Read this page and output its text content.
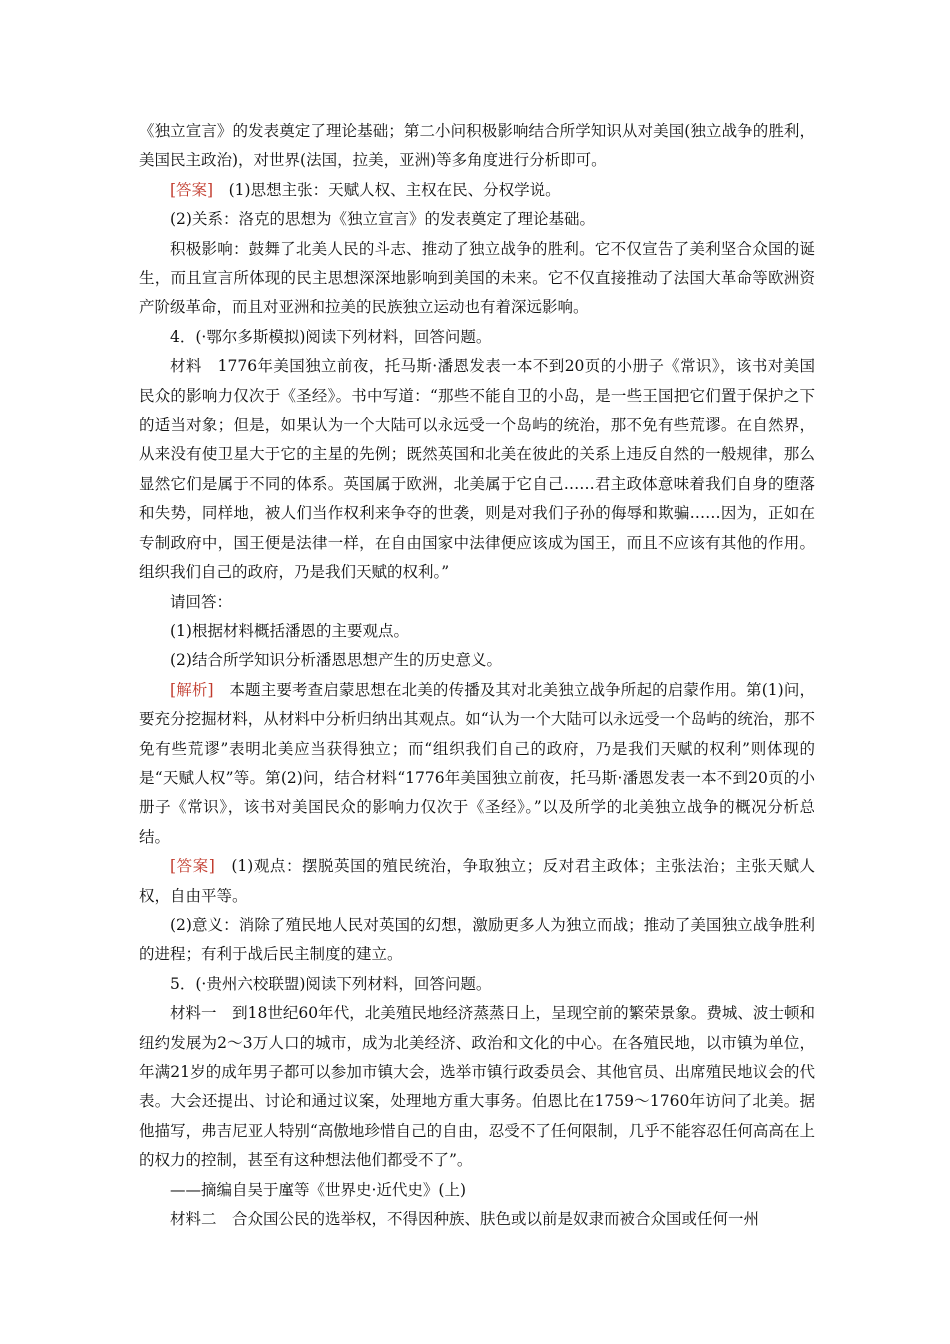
《独立宣言》的发表奠定了理论基础；第二小问积极影响结合所学知识从对美国(独立战争的胜利，美国民主政治)，对世界(法国，拉美，亚洲)等多角度进行分析即可。

[答案]　(1)思想主张：天赋人权、主权在民、分权学说。

(2)关系：洛克的思想为《独立宣言》的发表奠定了理论基础。

积极影响：鼓舞了北美人民的斗志、推动了独立战争的胜利。它不仅宣告了美利坚合众国的诞生，而且宣言所体现的民主思想深深地影响到美国的未来。它不仅直接推动了法国大革命等欧洲资产阶级革命，而且对亚洲和拉美的民族独立运动也有着深远影响。

4．(·鄂尔多斯模拟)阅读下列材料，回答问题。

材料　1776年美国独立前夜，托马斯·潘恩发表一本不到20页的小册子《常识》，该书对美国民众的影响力仅次于《圣经》。书中写道：“那些不能自卫的小岛，是一些王国把它们置于保护之下的适当对象；但是，如果认为一个大陆可以永远受一个岛屿的统治，那不免有些荒谬。在自然界，从来没有使卫星大于它的主星的先例；既然英国和北美在彼此的关系上违反自然的一般规律，那么显然它们是属于不同的体系。英国属于欧洲，北美属于它自己……君主政体意味着我们自身的堕落和失势，同样地，被人们当作权利来争夺的世袭，则是对我们子孙的侮辱和欺骗……因为，正如在专制政府中，国王便是法律一样，在自由国家中法律便应该成为国王，而且不应该有其他的作用。组织我们自己的政府，乃是我们天赋的权利。”

请回答：

(1)根据材料概括潘恩的主要观点。

(2)结合所学知识分析潘恩思想产生的历史意义。

[解析]　本题主要考查启蒙思想在北美的传播及其对北美独立战争所起的启蒙作用。第(1)问，要充分挖掘材料，从材料中分析归纳出其观点。如“认为一个大陆可以永远受一个岛屿的统治，那不免有些荒谬”表明北美应当获得独立；而“组织我们自己的政府，乃是我们天赋的权利”则体现的是“天赋人权”等。第(2)问，结合材料“1776年美国独立前夜，托马斯·潘恩发表一本不到20页的小册子《常识》，该书对美国民众的影响力仅次于《圣经》。”以及所学的北美独立战争的概况分析总结。

[答案]　(1)观点：摆脱英国的殖民统治，争取独立；反对君主政体；主张法治；主张天赋人权，自由平等。

(2)意义：消除了殖民地人民对英国的幻想，激励更多人为独立而战；推动了美国独立战争胜利的进程；有利于战后民主制度的建立。

5．(·贵州六校联盟)阅读下列材料，回答问题。

材料一　到18世纪60年代，北美殖民地经济蒸蒸日上，呈现空前的繁荣景象。费城、波士顿和纽约发展为2～3万人口的城市，成为北美经济、政治和文化的中心。在各殖民地，以市镇为单位，年满21岁的成年男子都可以参加市镇大会，选举市镇行政委员会、其他官员、出席殖民地议会的代表。大会还提出、讨论和通过议案，处理地方重大事务。伯恩比在1759～1760年访问了北美。据他描写，弗吉尼亚人特别“高傲地珍惜自己的自由，忍受不了任何限制，几乎不能容忍任何高高在上的权力的控制，甚至有这种想法他们都受不了”。

——摘编自吴于廑等《世界史·近代史》(上)

材料二　合众国公民的选举权，不得因种族、肤色或以前是奴隶而被合众国或任何一州
